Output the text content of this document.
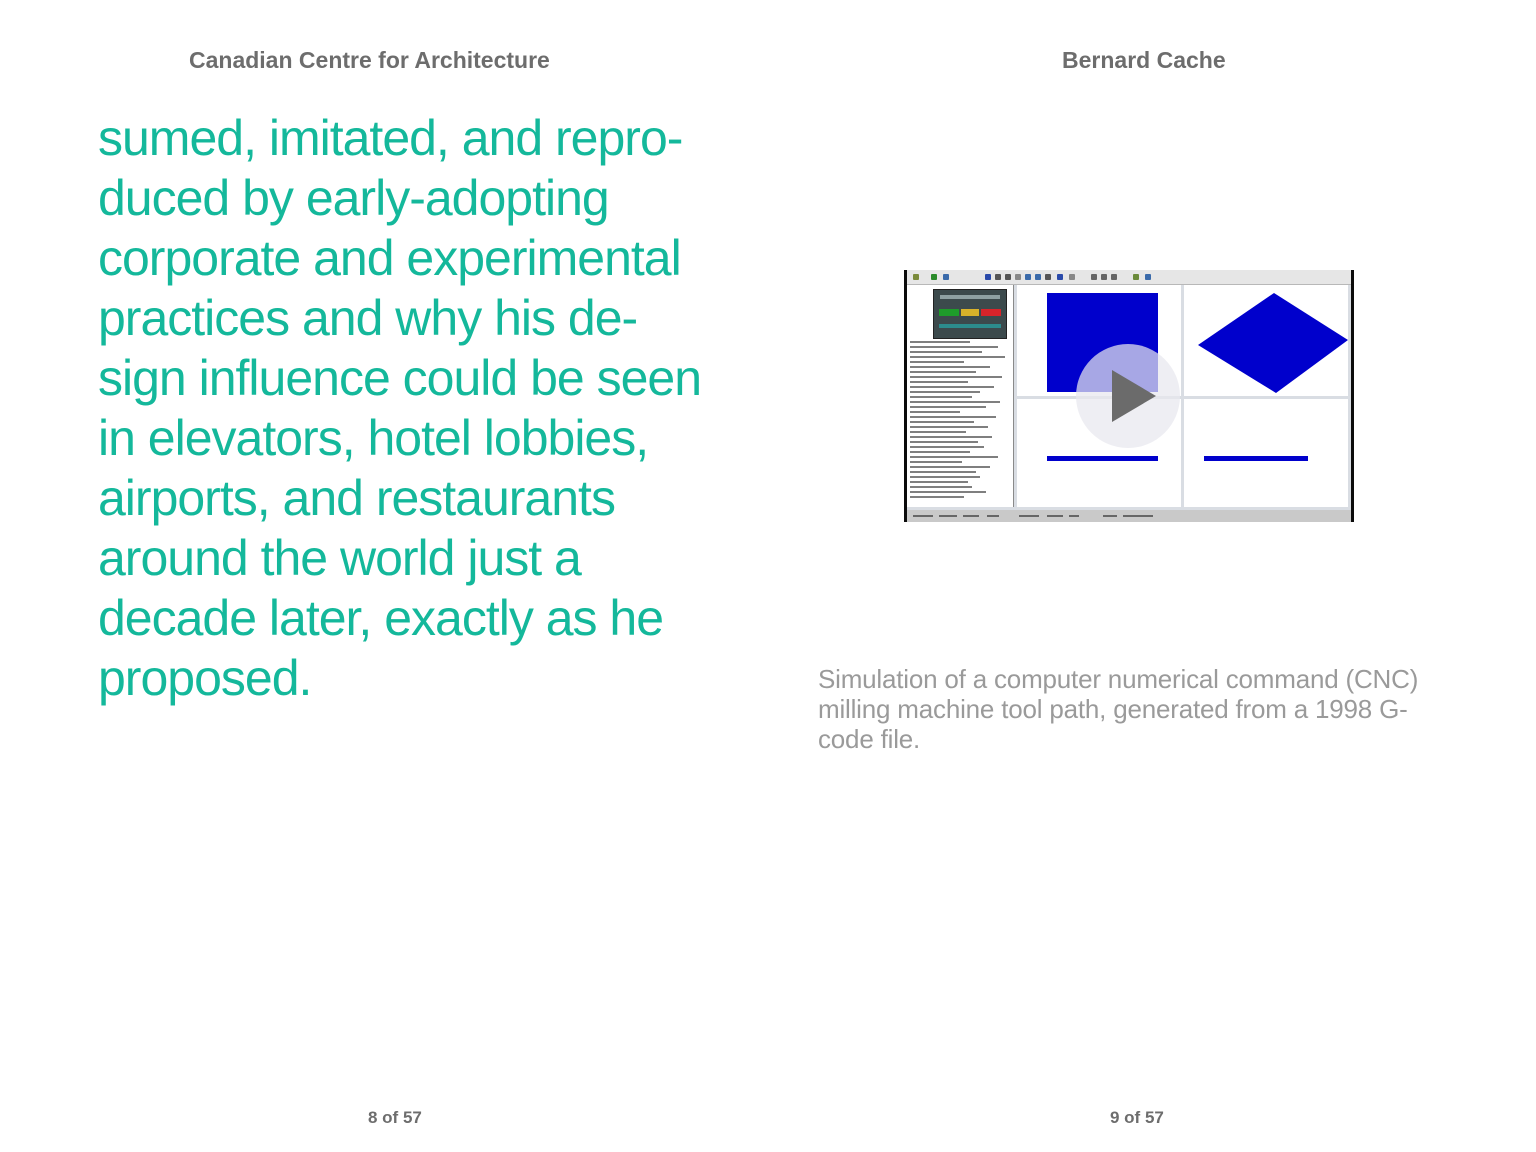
Canadian Centre for Architecture

sumed, imitated, and repro-
duced by early-adopting
corporate and experimental
practices and why his de-
sign influence could be seen
in elevators, hotel lobbies,
airports, and restaurants
around the world just a
decade later, exactly as he
proposed.

8 of 57

Bernard Cache

Simulation of a computer numerical command (CNC)
milling machine tool path, generated from a 1998 G-
code file.

9 of 57
